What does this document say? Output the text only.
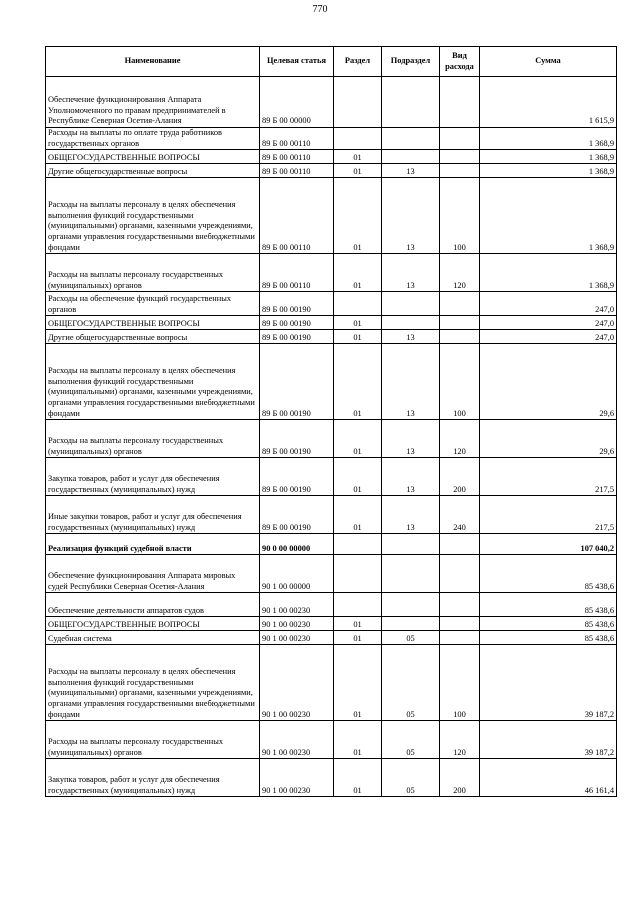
770
Наименование	Целевая статья	Раздел	Подраздел	Вид расхода	Сумма
Обеспечение функционирования Аппарата Уполномоченного по правам предпринимателей в Республике Северная Осетия-Алания	89 Б 00 00000				1 615,9
Расходы на выплаты по оплате труда работников государственных органов	89 Б 00 00110				1 368,9
ОБЩЕГОСУДАРСТВЕННЫЕ ВОПРОСЫ	89 Б 00 00110	01			1 368,9
Другие общегосударственные вопросы	89 Б 00 00110	01	13		1 368,9
Расходы на выплаты персоналу в целях обеспечения выполнения функций государственными (муниципальными) органами, казенными учреждениями, органами управления государственными внебюджетными фондами	89 Б 00 00110	01	13	100	1 368,9
Расходы на выплаты персоналу государственных (муниципальных) органов	89 Б 00 00110	01	13	120	1 368,9
Расходы на обеспечение функций государственных органов	89 Б 00 00190				247,0
ОБЩЕГОСУДАРСТВЕННЫЕ ВОПРОСЫ	89 Б 00 00190	01			247,0
Другие общегосударственные вопросы	89 Б 00 00190	01	13		247,0
Расходы на выплаты персоналу в целях обеспечения выполнения функций государственными (муниципальными) органами, казенными учреждениями, органами управления государственными внебюджетными фондами	89 Б 00 00190	01	13	100	29,6
Расходы на выплаты персоналу государственных (муниципальных) органов	89 Б 00 00190	01	13	120	29,6
Закупка товаров, работ и услуг для обеспечения государственных (муниципальных) нужд	89 Б 00 00190	01	13	200	217,5
Иные закупки товаров, работ и услуг для обеспечения государственных (муниципальных) нужд	89 Б 00 00190	01	13	240	217,5
Реализация функций судебной власти	90 0 00 00000				107 040,2
Обеспечение функционирования Аппарата мировых судей Республики Северная Осетия-Алания	90 1 00 00000				85 438,6
Обеспечение деятельности аппаратов судов	90 1 00 00230				85 438,6
ОБЩЕГОСУДАРСТВЕННЫЕ ВОПРОСЫ	90 1 00 00230	01			85 438,6
Судебная система	90 1 00 00230	01	05		85 438,6
Расходы на выплаты персоналу в целях обеспечения выполнения функций государственными (муниципальными) органами, казенными учреждениями, органами управления государственными внебюджетными фондами	90 1 00 00230	01	05	100	39 187,2
Расходы на выплаты персоналу государственных (муниципальных) органов	90 1 00 00230	01	05	120	39 187,2
Закупка товаров, работ и услуг для обеспечения государственных (муниципальных) нужд	90 1 00 00230	01	05	200	46 161,4
